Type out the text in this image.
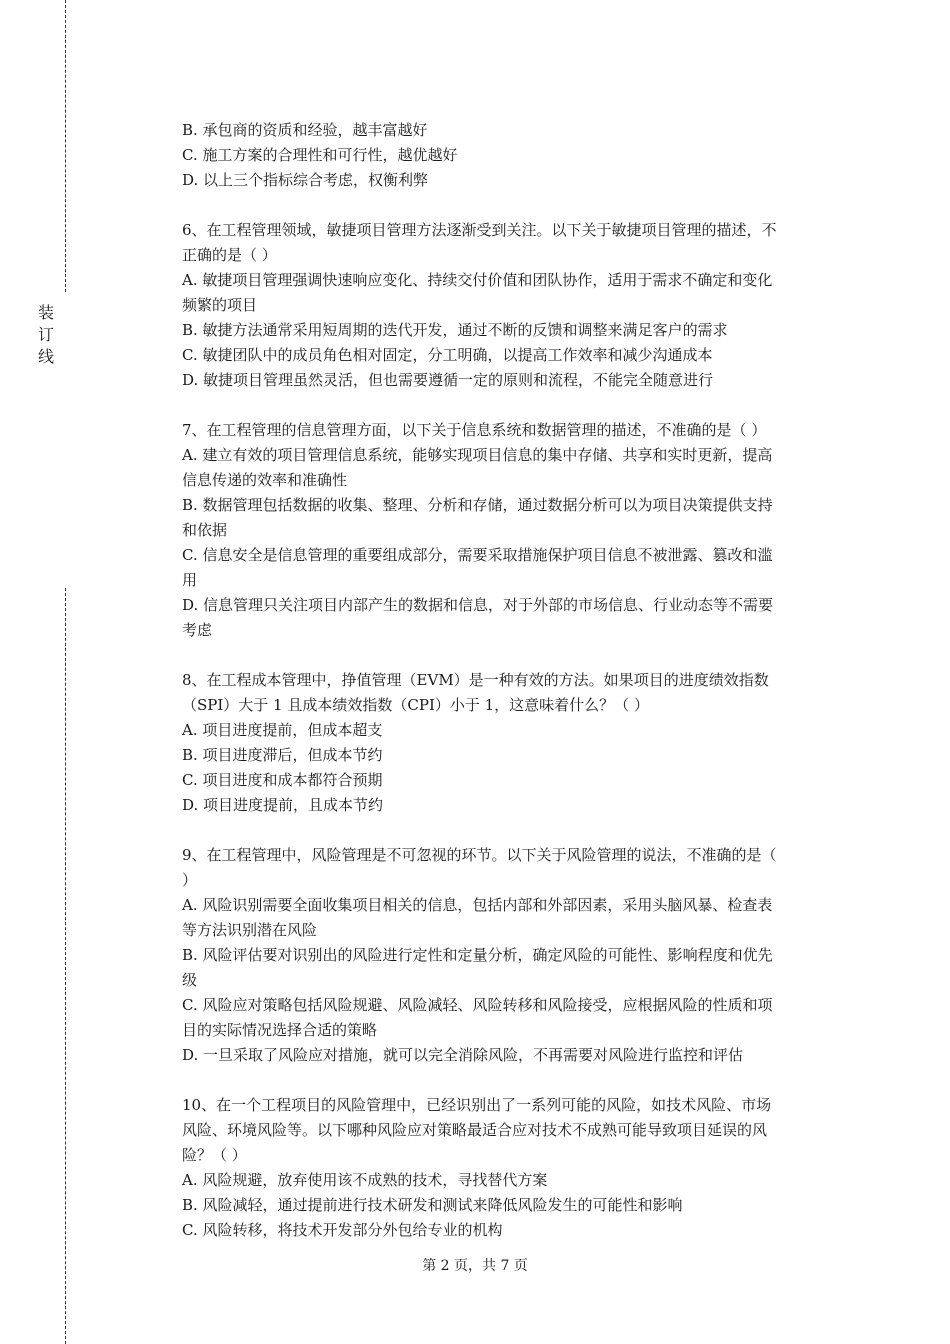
装
订
线

B. 承包商的资质和经验，越丰富越好

C. 施工方案的合理性和可行性，越优越好

D. 以上三个指标综合考虑，权衡利弊

6、在工程管理领域，敏捷项目管理方法逐渐受到关注。以下关于敏捷项目管理的描述，不

正确的是（ ）

A. 敏捷项目管理强调快速响应变化、持续交付价值和团队协作，适用于需求不确定和变化

频繁的项目

B. 敏捷方法通常采用短周期的迭代开发，通过不断的反馈和调整来满足客户的需求

C. 敏捷团队中的成员角色相对固定，分工明确，以提高工作效率和减少沟通成本

D. 敏捷项目管理虽然灵活，但也需要遵循一定的原则和流程，不能完全随意进行

7、在工程管理的信息管理方面，以下关于信息系统和数据管理的描述，不准确的是（ ）

A. 建立有效的项目管理信息系统，能够实现项目信息的集中存储、共享和实时更新，提高

信息传递的效率和准确性

B. 数据管理包括数据的收集、整理、分析和存储，通过数据分析可以为项目决策提供支持

和依据

C. 信息安全是信息管理的重要组成部分，需要采取措施保护项目信息不被泄露、篡改和滥

用

D. 信息管理只关注项目内部产生的数据和信息，对于外部的市场信息、行业动态等不需要

考虑

8、在工程成本管理中，挣值管理（EVM）是一种有效的方法。如果项目的进度绩效指数

（SPI）大于 1 且成本绩效指数（CPI）小于 1，这意味着什么？（ ）

A. 项目进度提前，但成本超支

B. 项目进度滞后，但成本节约

C. 项目进度和成本都符合预期

D. 项目进度提前，且成本节约

9、在工程管理中，风险管理是不可忽视的环节。以下关于风险管理的说法，不准确的是（

）

A. 风险识别需要全面收集项目相关的信息，包括内部和外部因素，采用头脑风暴、检查表

等方法识别潜在风险

B. 风险评估要对识别出的风险进行定性和定量分析，确定风险的可能性、影响程度和优先

级

C. 风险应对策略包括风险规避、风险减轻、风险转移和风险接受，应根据风险的性质和项

目的实际情况选择合适的策略

D. 一旦采取了风险应对措施，就可以完全消除风险，不再需要对风险进行监控和评估

10、在一个工程项目的风险管理中，已经识别出了一系列可能的风险，如技术风险、市场

风险、环境风险等。以下哪种风险应对策略最适合应对技术不成熟可能导致项目延误的风

险？（ ）

A. 风险规避，放弃使用该不成熟的技术，寻找替代方案

B. 风险减轻，通过提前进行技术研发和测试来降低风险发生的可能性和影响

C. 风险转移，将技术开发部分外包给专业的机构

第 2 页，共 7 页
